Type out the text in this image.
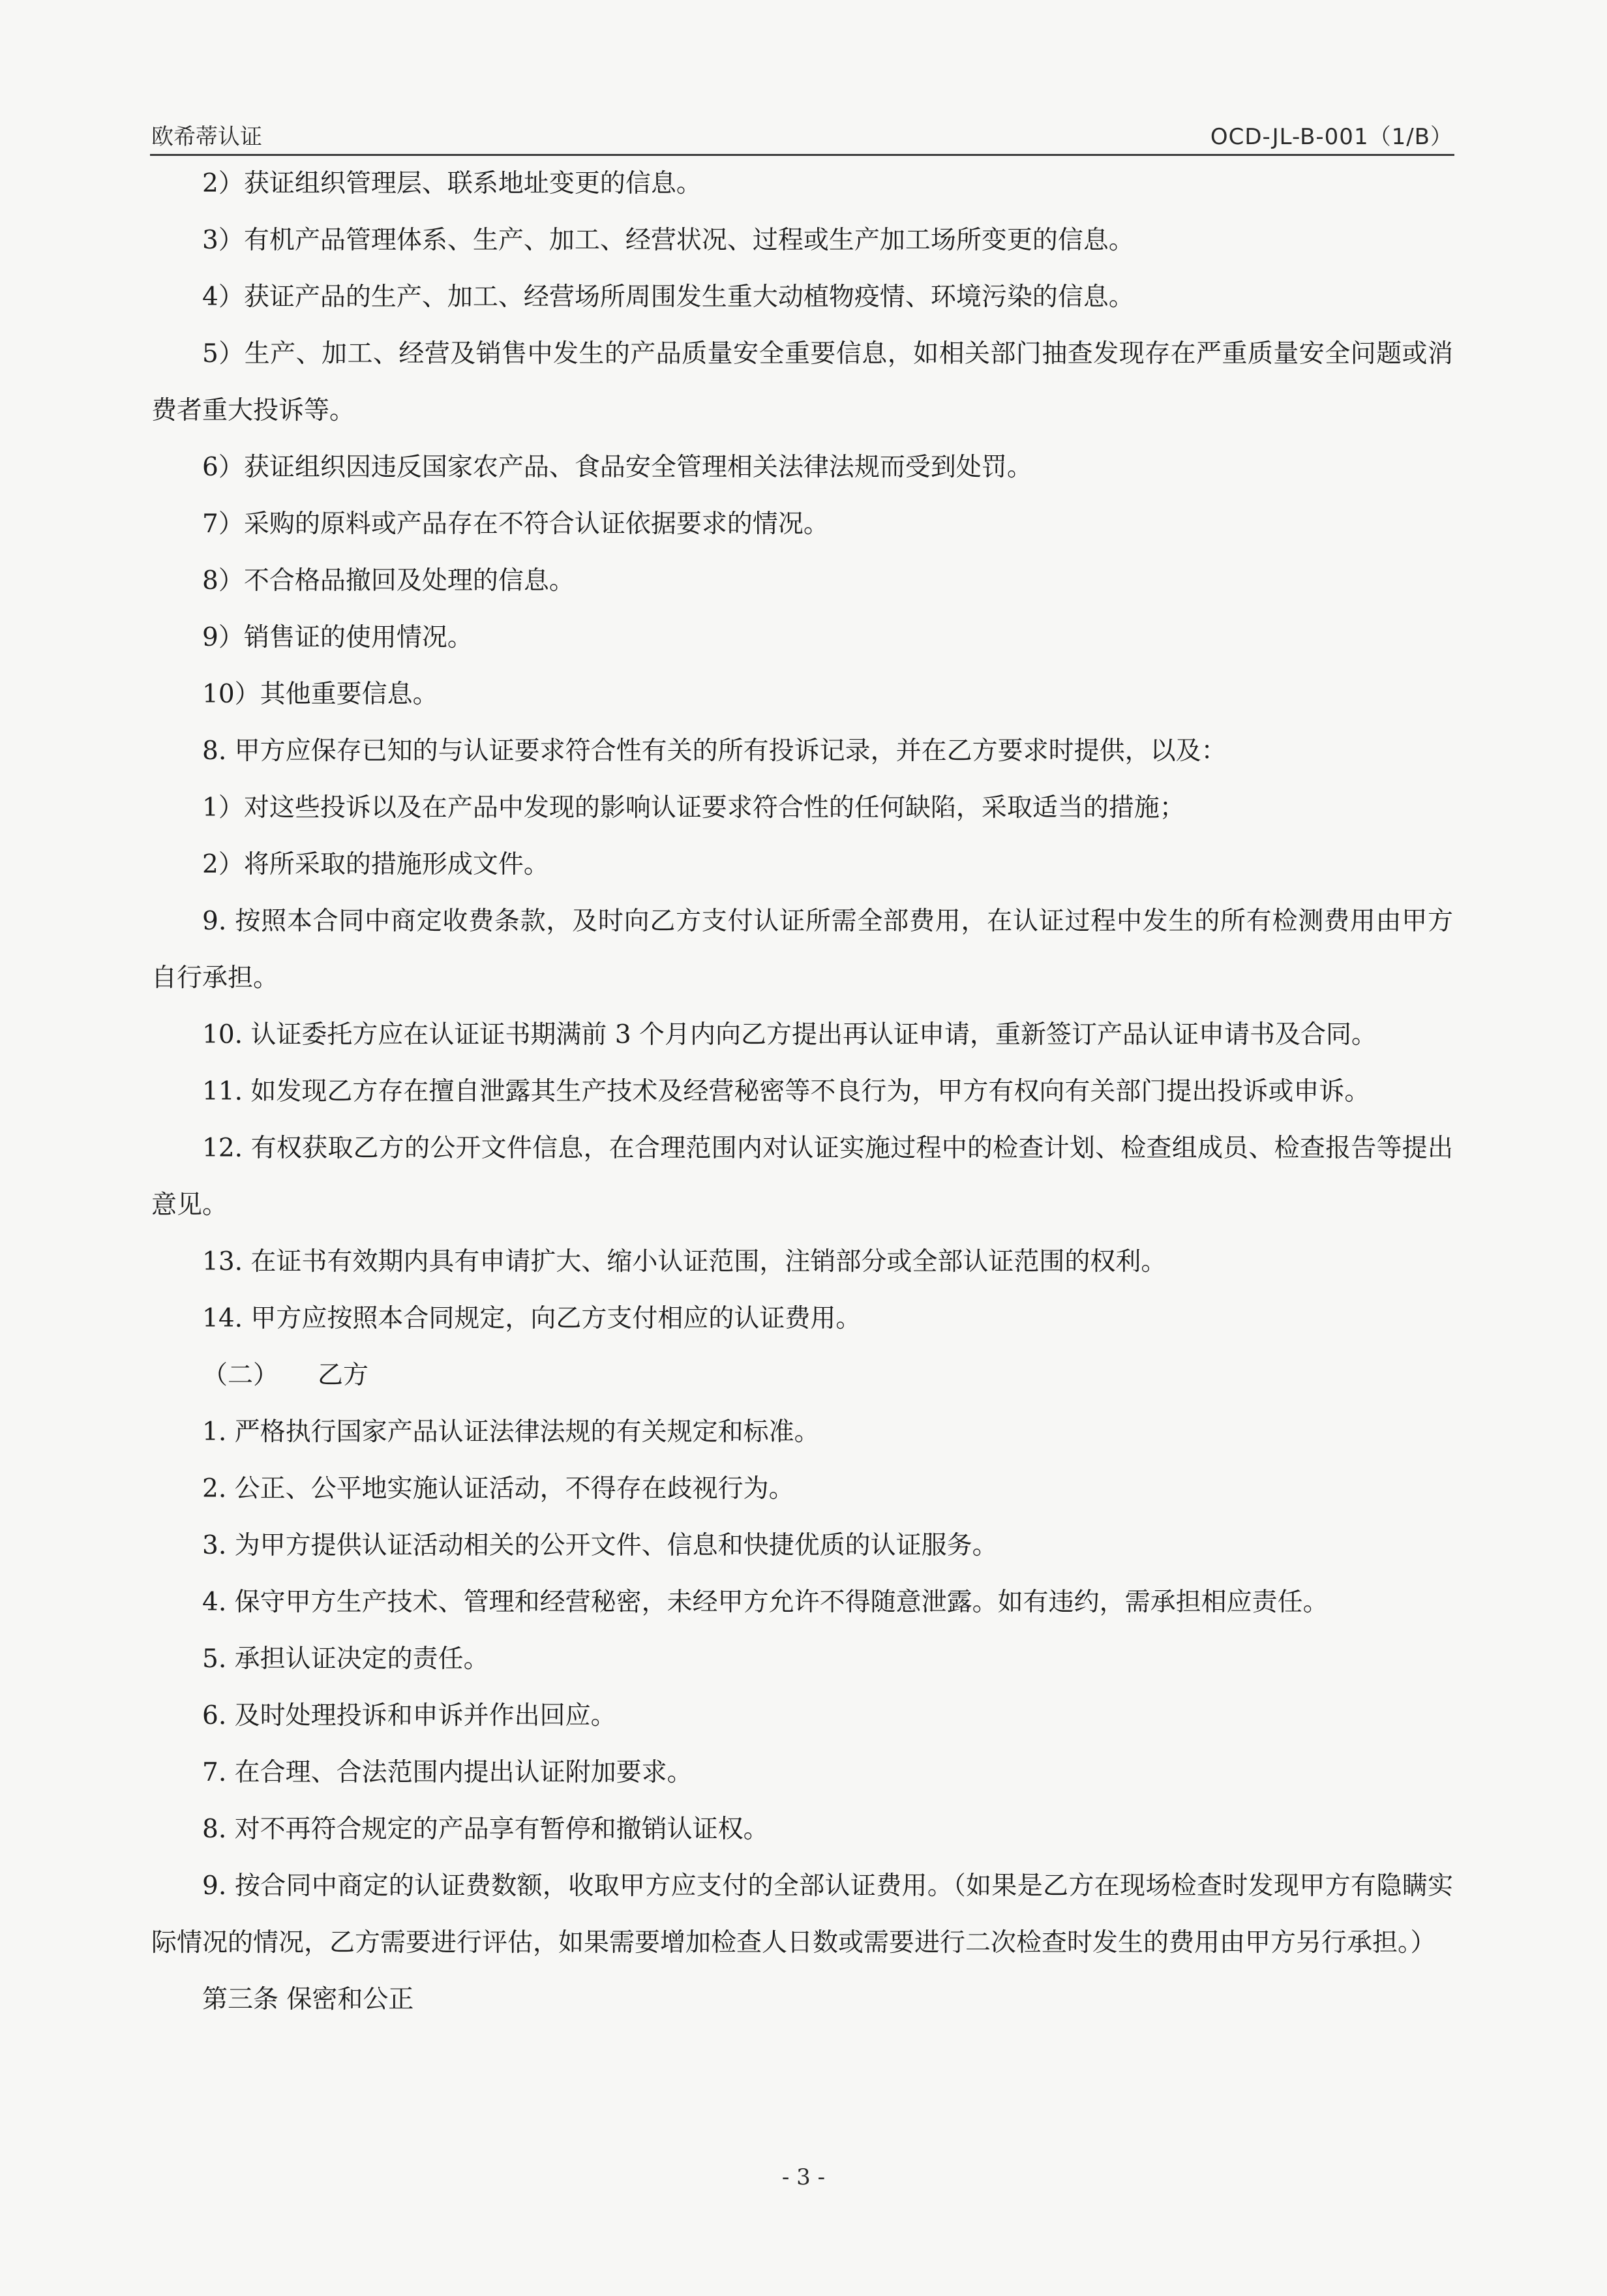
欧希蒂认证	OCD-JL-B-001（1/B）

2）获证组织管理层、联系地址变更的信息。

3）有机产品管理体系、生产、加工、经营状况、过程或生产加工场所变更的信息。

4）获证产品的生产、加工、经营场所周围发生重大动植物疫情、环境污染的信息。

5）生产、加工、经营及销售中发生的产品质量安全重要信息，如相关部门抽查发现存在严重质量安全问题或消费者重大投诉等。

6）获证组织因违反国家农产品、食品安全管理相关法律法规而受到处罚。

7）采购的原料或产品存在不符合认证依据要求的情况。

8）不合格品撤回及处理的信息。

9）销售证的使用情况。

10）其他重要信息。

8. 甲方应保存已知的与认证要求符合性有关的所有投诉记录，并在乙方要求时提供，以及：

1）对这些投诉以及在产品中发现的影响认证要求符合性的任何缺陷，采取适当的措施；

2）将所采取的措施形成文件。

9. 按照本合同中商定收费条款，及时向乙方支付认证所需全部费用，在认证过程中发生的所有检测费用由甲方自行承担。

10. 认证委托方应在认证证书期满前 3 个月内向乙方提出再认证申请，重新签订产品认证申请书及合同。

11. 如发现乙方存在擅自泄露其生产技术及经营秘密等不良行为，甲方有权向有关部门提出投诉或申诉。

12. 有权获取乙方的公开文件信息，在合理范围内对认证实施过程中的检查计划、检查组成员、检查报告等提出意见。

13. 在证书有效期内具有申请扩大、缩小认证范围，注销部分或全部认证范围的权利。

14. 甲方应按照本合同规定，向乙方支付相应的认证费用。

（二） 乙方

1. 严格执行国家产品认证法律法规的有关规定和标准。

2. 公正、公平地实施认证活动，不得存在歧视行为。

3. 为甲方提供认证活动相关的公开文件、信息和快捷优质的认证服务。

4. 保守甲方生产技术、管理和经营秘密，未经甲方允许不得随意泄露。如有违约，需承担相应责任。

5. 承担认证决定的责任。

6. 及时处理投诉和申诉并作出回应。

7. 在合理、合法范围内提出认证附加要求。

8. 对不再符合规定的产品享有暂停和撤销认证权。

9. 按合同中商定的认证费数额，收取甲方应支付的全部认证费用。（如果是乙方在现场检查时发现甲方有隐瞒实际情况的情况，乙方需要进行评估，如果需要增加检查人日数或需要进行二次检查时发生的费用由甲方另行承担。）

第三条 保密和公正

- 3 -
